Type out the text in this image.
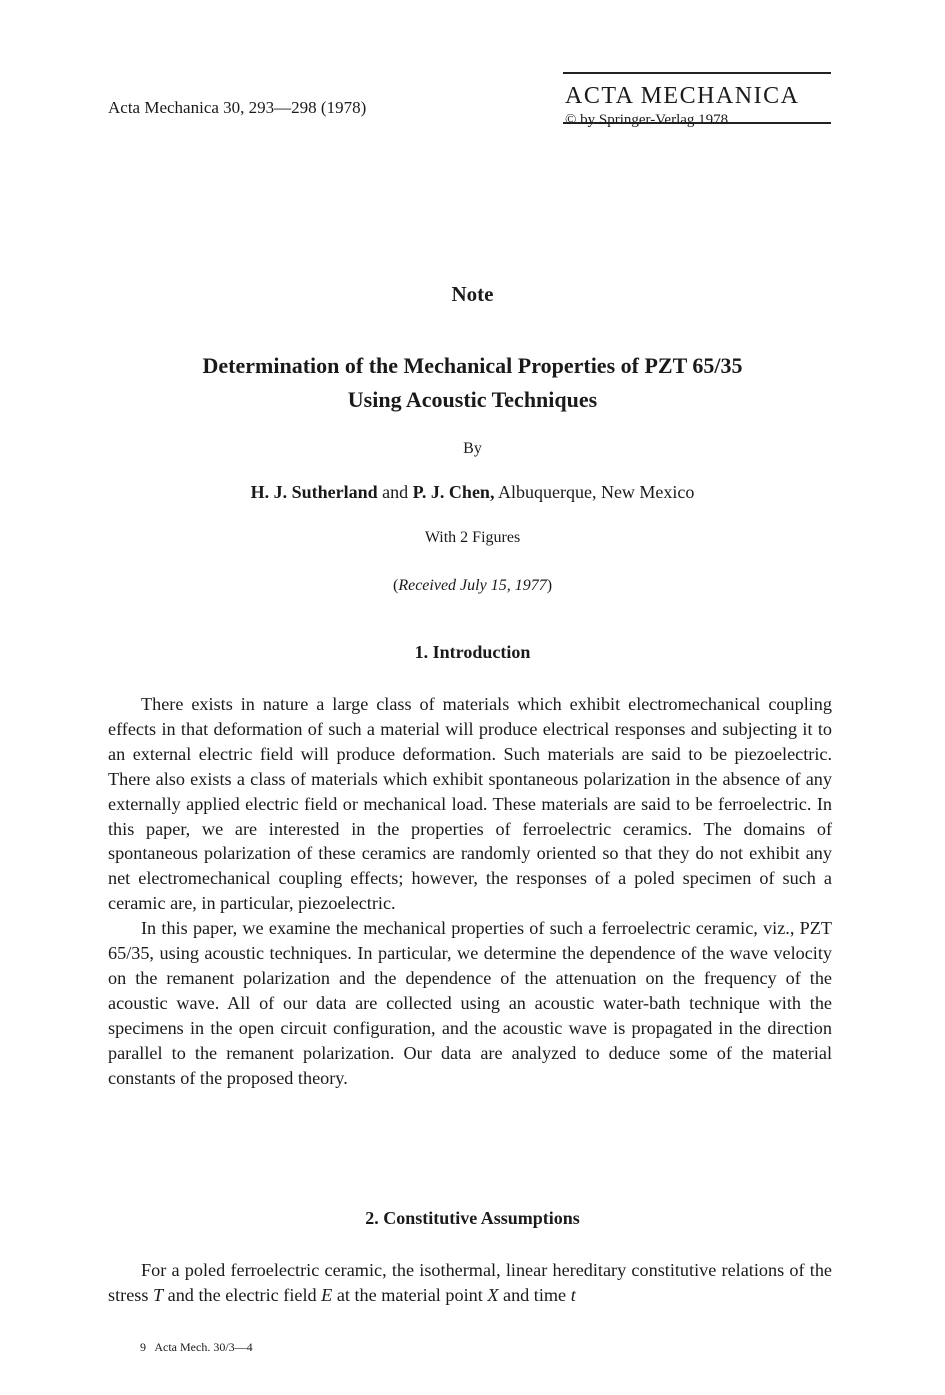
Acta Mechanica 30, 293—298 (1978)	ACTA MECHANICA
© by Springer-Verlag 1978
Note
Determination of the Mechanical Properties of PZT 65/35
Using Acoustic Techniques
By
H. J. Sutherland and P. J. Chen, Albuquerque, New Mexico
With 2 Figures
(Received July 15, 1977)
1. Introduction

There exists in nature a large class of materials which exhibit electromechanical coupling effects in that deformation of such a material will produce electrical responses and subjecting it to an external electric field will produce deformation. Such materials are said to be piezoelectric. There also exists a class of materials which exhibit spontaneous polarization in the absence of any externally applied electric field or mechanical load. These materials are said to be ferroelectric. In this paper, we are interested in the properties of ferroelectric ceramics. The domains of spontaneous polarization of these ceramics are randomly oriented so that they do not exhibit any net electromechanical coupling effects; however, the responses of a poled specimen of such a ceramic are, in particular, piezoelectric.

In this paper, we examine the mechanical properties of such a ferroelectric ceramic, viz., PZT 65/35, using acoustic techniques. In particular, we determine the dependence of the wave velocity on the remanent polarization and the dependence of the attenuation on the frequency of the acoustic wave. All of our data are collected using an acoustic water-bath technique with the specimens in the open circuit configuration, and the acoustic wave is propagated in the direction parallel to the remanent polarization. Our data are analyzed to deduce some of the material constants of the proposed theory.

2. Constitutive Assumptions

For a poled ferroelectric ceramic, the isothermal, linear hereditary constitutive relations of the stress T and the electric field E at the material point X and time t

9   Acta Mech. 30/3—4
